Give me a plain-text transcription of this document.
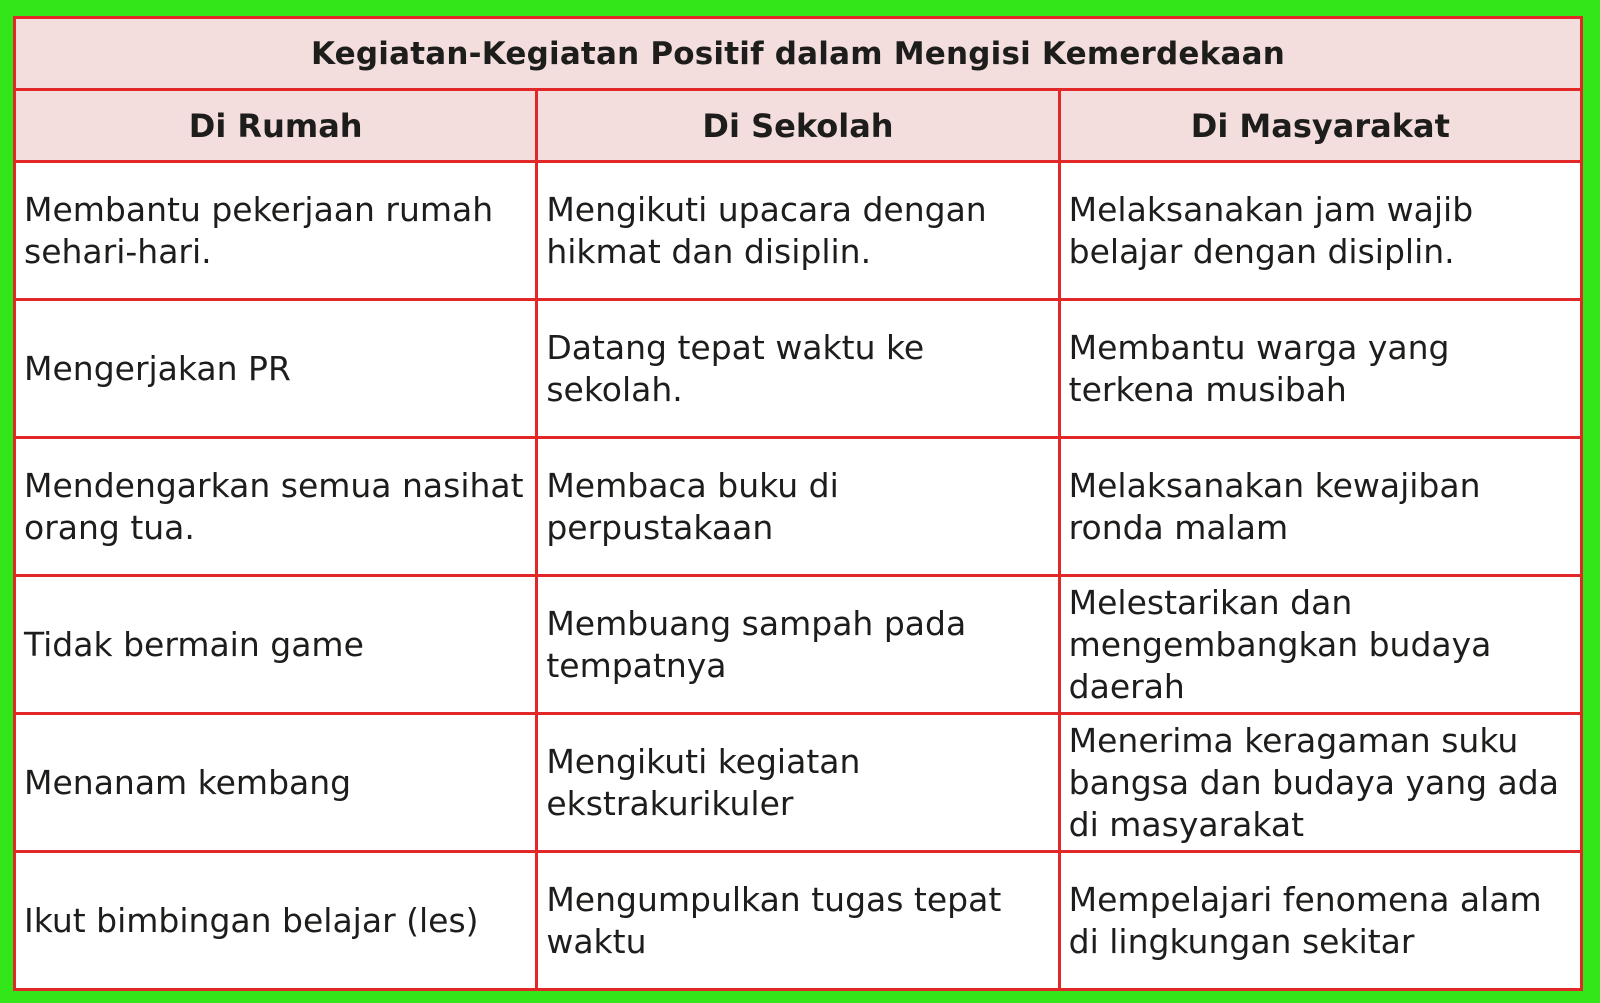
Kegiatan-Kegiatan Positif dalam Mengisi Kemerdekaan		
Di Rumah	Di Sekolah	Di Masyarakat
Membantu pekerjaan rumah sehari-hari.	Mengikuti upacara dengan hikmat dan disiplin.	Melaksanakan jam wajib belajar dengan disiplin.
Mengerjakan PR	Datang tepat waktu ke sekolah.	Membantu warga yang terkena musibah
Mendengarkan semua nasihat orang tua.	Membaca buku di perpustakaan	Melaksanakan kewajiban ronda malam
Tidak bermain game	Membuang sampah pada tempatnya	Melestarikan dan mengembangkan budaya daerah
Menanam kembang	Mengikuti kegiatan ekstrakurikuler	Menerima keragaman suku bangsa dan budaya yang ada di masyarakat
Ikut bimbingan belajar (les)	Mengumpulkan tugas tepat waktu	Mempelajari fenomena alam di lingkungan sekitar
